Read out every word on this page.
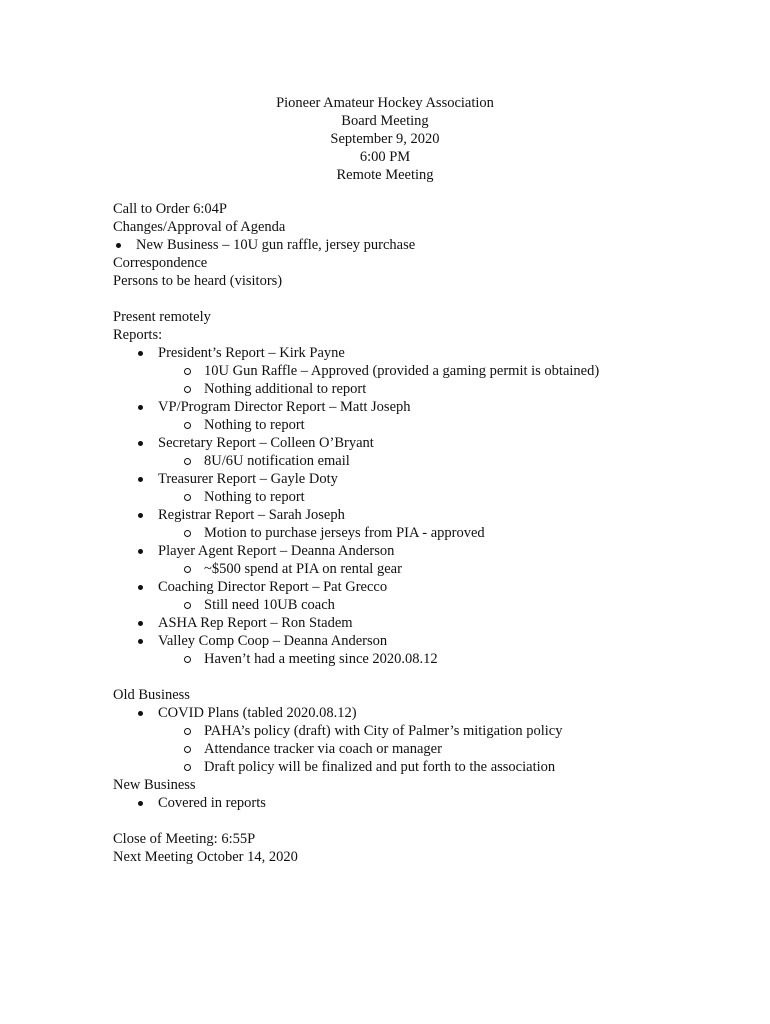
Pioneer Amateur Hockey Association
Board Meeting
September 9, 2020
6:00 PM
Remote Meeting
Call to Order 6:04P
Changes/Approval of Agenda
New Business – 10U gun raffle, jersey purchase
Correspondence
Persons to be heard (visitors)
Present remotely
Reports:
President’s Report – Kirk Payne
10U Gun Raffle – Approved (provided a gaming permit is obtained)
Nothing additional to report
VP/Program Director Report – Matt Joseph
Nothing to report
Secretary Report – Colleen O’Bryant
8U/6U notification email
Treasurer Report – Gayle Doty
Nothing to report
Registrar Report – Sarah Joseph
Motion to purchase jerseys from PIA - approved
Player Agent Report – Deanna Anderson
~$500 spend at PIA on rental gear
Coaching Director Report – Pat Grecco
Still need 10UB coach
ASHA Rep Report – Ron Stadem
Valley Comp Coop – Deanna Anderson
Haven’t had a meeting since 2020.08.12
Old Business
COVID Plans (tabled 2020.08.12)
PAHA’s policy (draft) with City of Palmer’s mitigation policy
Attendance tracker via coach or manager
Draft policy will be finalized and put forth to the association
New Business
Covered in reports
Close of Meeting: 6:55P
Next Meeting October 14, 2020
